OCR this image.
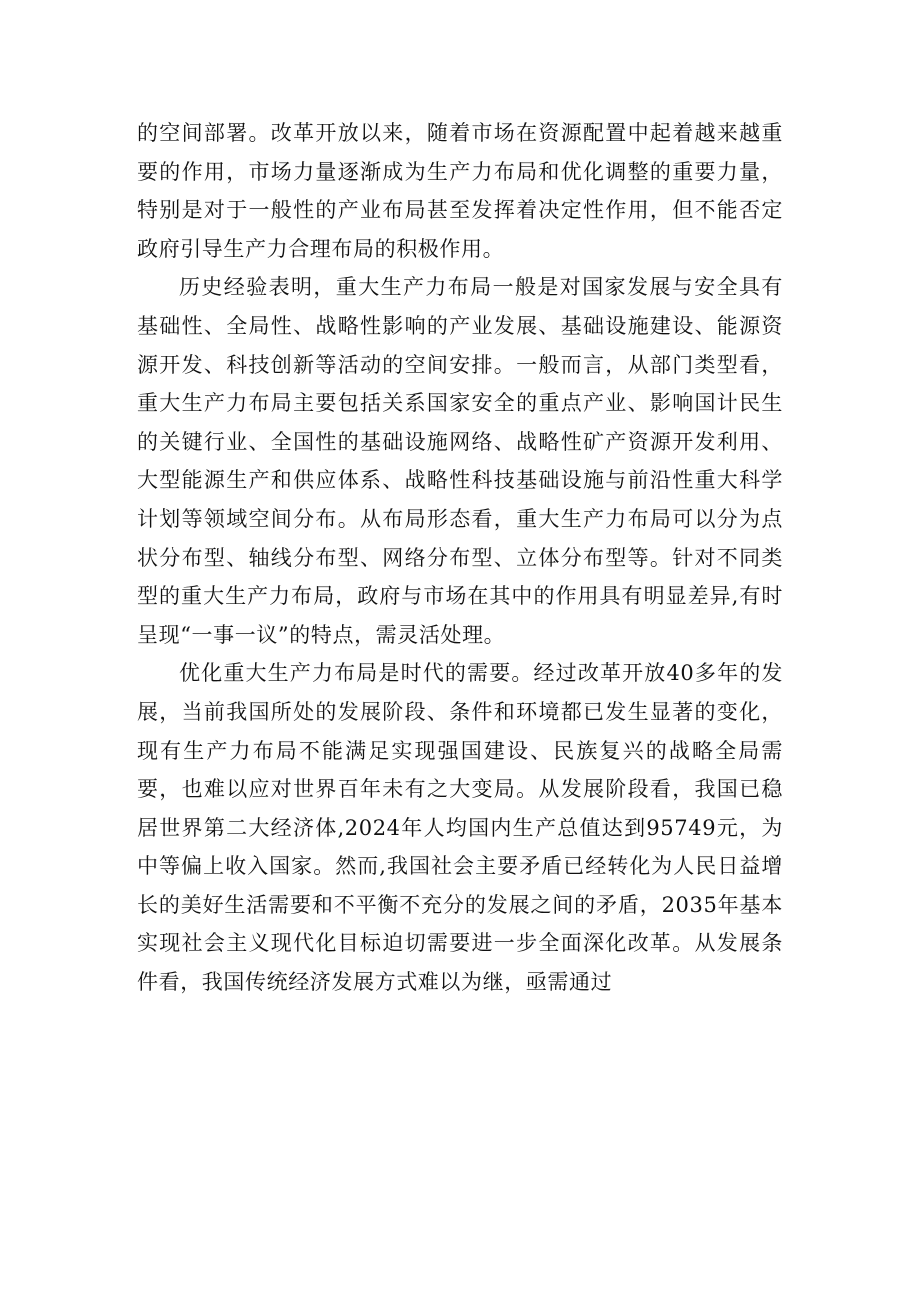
的空间部署。改革开放以来，随着市场在资源配置中起着越来越重要的作用，市场力量逐渐成为生产力布局和优化调整的重要力量，特别是对于一般性的产业布局甚至发挥着决定性作用，但不能否定政府引导生产力合理布局的积极作用。

历史经验表明，重大生产力布局一般是对国家发展与安全具有基础性、全局性、战略性影响的产业发展、基础设施建设、能源资源开发、科技创新等活动的空间安排。一般而言，从部门类型看，重大生产力布局主要包括关系国家安全的重点产业、影响国计民生的关键行业、全国性的基础设施网络、战略性矿产资源开发利用、大型能源生产和供应体系、战略性科技基础设施与前沿性重大科学计划等领域空间分布。从布局形态看，重大生产力布局可以分为点状分布型、轴线分布型、网络分布型、立体分布型等。针对不同类型的重大生产力布局，政府与市场在其中的作用具有明显差异,有时呈现“一事一议”的特点，需灵活处理。

优化重大生产力布局是时代的需要。经过改革开放40多年的发展，当前我国所处的发展阶段、条件和环境都已发生显著的变化，现有生产力布局不能满足实现强国建设、民族复兴的战略全局需要，也难以应对世界百年未有之大变局。从发展阶段看，我国已稳居世界第二大经济体,2024年人均国内生产总值达到95749元，为中等偏上收入国家。然而,我国社会主要矛盾已经转化为人民日益增长的美好生活需要和不平衡不充分的发展之间的矛盾，2035年基本实现社会主义现代化目标迫切需要进一步全面深化改革。从发展条件看，我国传统经济发展方式难以为继，亟需通过
